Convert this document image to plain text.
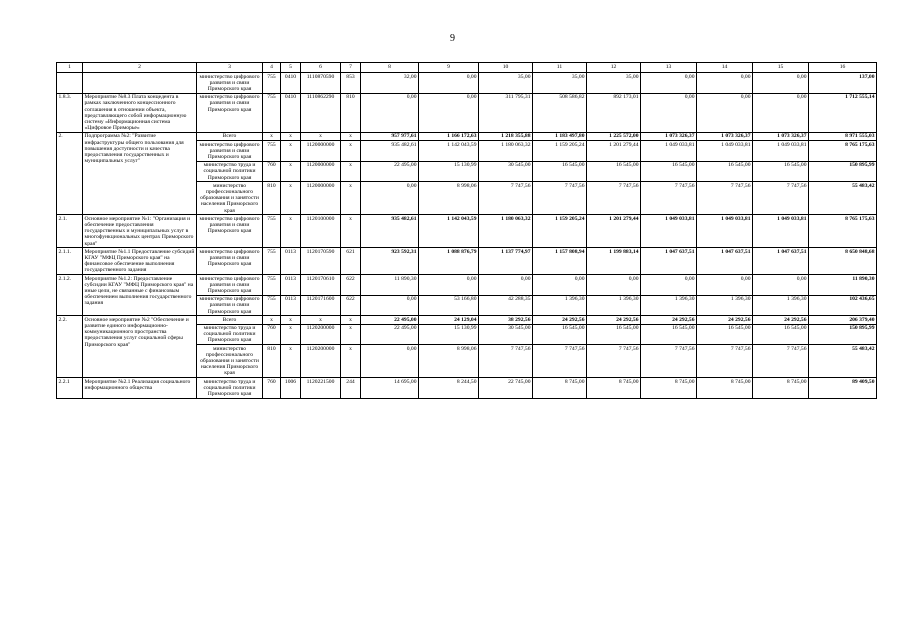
9
1	2	3	4	5	6	7	8	9	10	11	12	13	14	15	16
		министерство цифрового развития и связи Приморского края	755	0410	1110870590	853	32,00	0,00	35,00	35,00	35,00	0,00	0,00	0,00	137,00
1.8.3.	Мероприятие №8.3 Плата концедента в рамках заключенного концессионного соглашения в отношении объекта, представляющего собой информационную систему «Информационная система «Цифровое Приморье»	министерство цифрового развития и связи Приморского края	755	0410	1110862290	810	0,00	0,00	311 795,31	508 586,82	892 173,01	0,00	0,00	0,00	1 712 555,14
2.	Подпрограмма №2: "Развитие инфраструктуры общего пользования для повышения доступности и качества предоставления государственных и муниципальных услуг"	Всего	x	x	x	x	957 977,61	1 166 172,63	1 218 355,88	1 183 497,80	1 225 572,00	1 073 326,37	1 073 326,37	1 073 326,37	8 971 555,03
		министерство цифрового развития и связи Приморского края	755	x	1120000000	x	935 482,61	1 142 043,59	1 180 063,32	1 159 205,24	1 201 279,44	1 049 033,81	1 049 033,81	1 049 033,81	8 765 175,63
		министерство труда и социальной политики Приморского края	760	x	1120000000	x	22 495,00	15 130,99	30 545,00	16 545,00	16 545,00	16 545,00	16 545,00	16 545,00	150 895,99
		министерство профессионального образования и занятости населения Приморского края	810	x	1120000000	x	0,00	8 998,06	7 747,56	7 747,56	7 747,56	7 747,56	7 747,56	7 747,56	55 483,42
2.1.	Основное мероприятие №1: "Организация и обеспечение предоставления государственных и муниципальных услуг в многофункциональных центрах Приморского края"	министерство цифрового развития и связи Приморского края	755	x	1120100000	x	935 482,61	1 142 043,59	1 180 063,32	1 159 205,24	1 201 279,44	1 049 033,81	1 049 033,81	1 049 033,81	8 765 175,63
2.1.1.	Мероприятие №1.1 Предоставление субсидий КГАУ "МФЦ Приморского края" на финансовое обеспечение выполнения государственного задания	министерство цифрового развития и связи Приморского края	755	0113	1120170590	621	923 592,31	1 088 876,79	1 137 774,97	1 157 808,94	1 199 883,14	1 047 637,51	1 047 637,51	1 047 637,51	8 650 848,68
2.1.2.	Мероприятие №1.2: Предоставление субсидии КГАУ "МФЦ Приморского края" на иные цели, не связанные с финансовым обеспечением выполнения государственного задания	министерство цифрового развития и связи Приморского края	755	0113	1120170610	622	11 890,30	0,00	0,00	0,00	0,00	0,00	0,00	0,00	11 890,30
		министерство цифрового развития и связи Приморского края	755	0113	1120171600	622	0,00	53 166,80	42 288,35	1 396,30	1 396,30	1 396,30	1 396,30	1 396,30	102 436,65
2.2.	Основное мероприятие №2 "Обеспечение и развитие единого информационно-коммуникационного пространства предоставления услуг социальной сферы Приморского края"	Всего	x	x	x	x	22 495,00	24 129,04	38 292,56	24 292,56	24 292,56	24 292,56	24 292,56	24 292,56	206 379,40
		министерство труда и социальной политики Приморского края	760	x	1120200000	x	22 495,00	15 130,99	30 545,00	16 545,00	16 545,00	16 545,00	16 545,00	16 545,00	150 895,99
		министерство профессионального образования и занятости населения Приморского края	810	x	1120200000	x	0,00	8 998,06	7 747,56	7 747,56	7 747,56	7 747,56	7 747,56	7 747,56	55 483,42
2.2.1	Мероприятие №2.1 Реализация социального информационного общества	министерство труда и социальной политики Приморского края	760	1006	1120221500	244	14 695,00	8 244,50	22 745,00	8 745,00	8 745,00	8 745,00	8 745,00	8 745,00	89 409,50
